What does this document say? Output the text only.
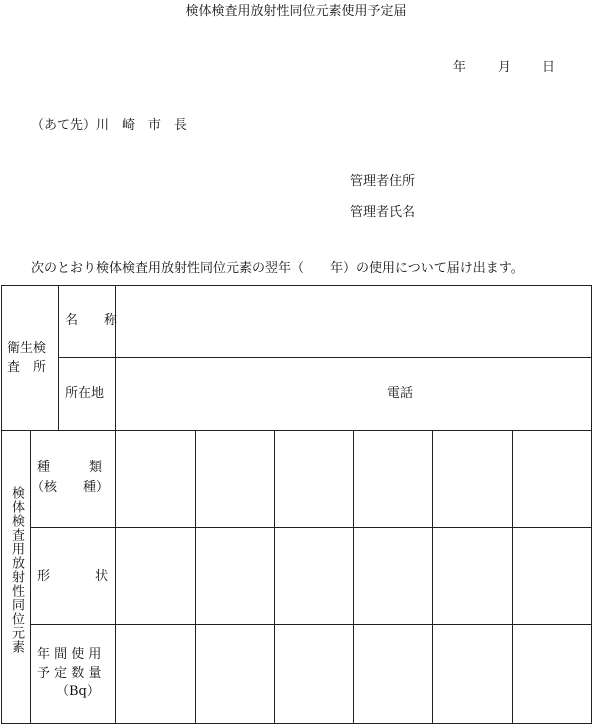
検体検査用放射性同位元素使用予定届
年 月 日
（あて先）川　崎　市　長
管理者住所
管理者氏名
次のとおり検体検査用放射性同位元素の翌年（　　年）の使用について届け出ます。
衛生検
査　所
名　　称
所在地	電話
検体検査用放射性同位元素
種　　　類
（核　　種）
形	状
年 間 使 用
予 定 数 量
（Bq）
